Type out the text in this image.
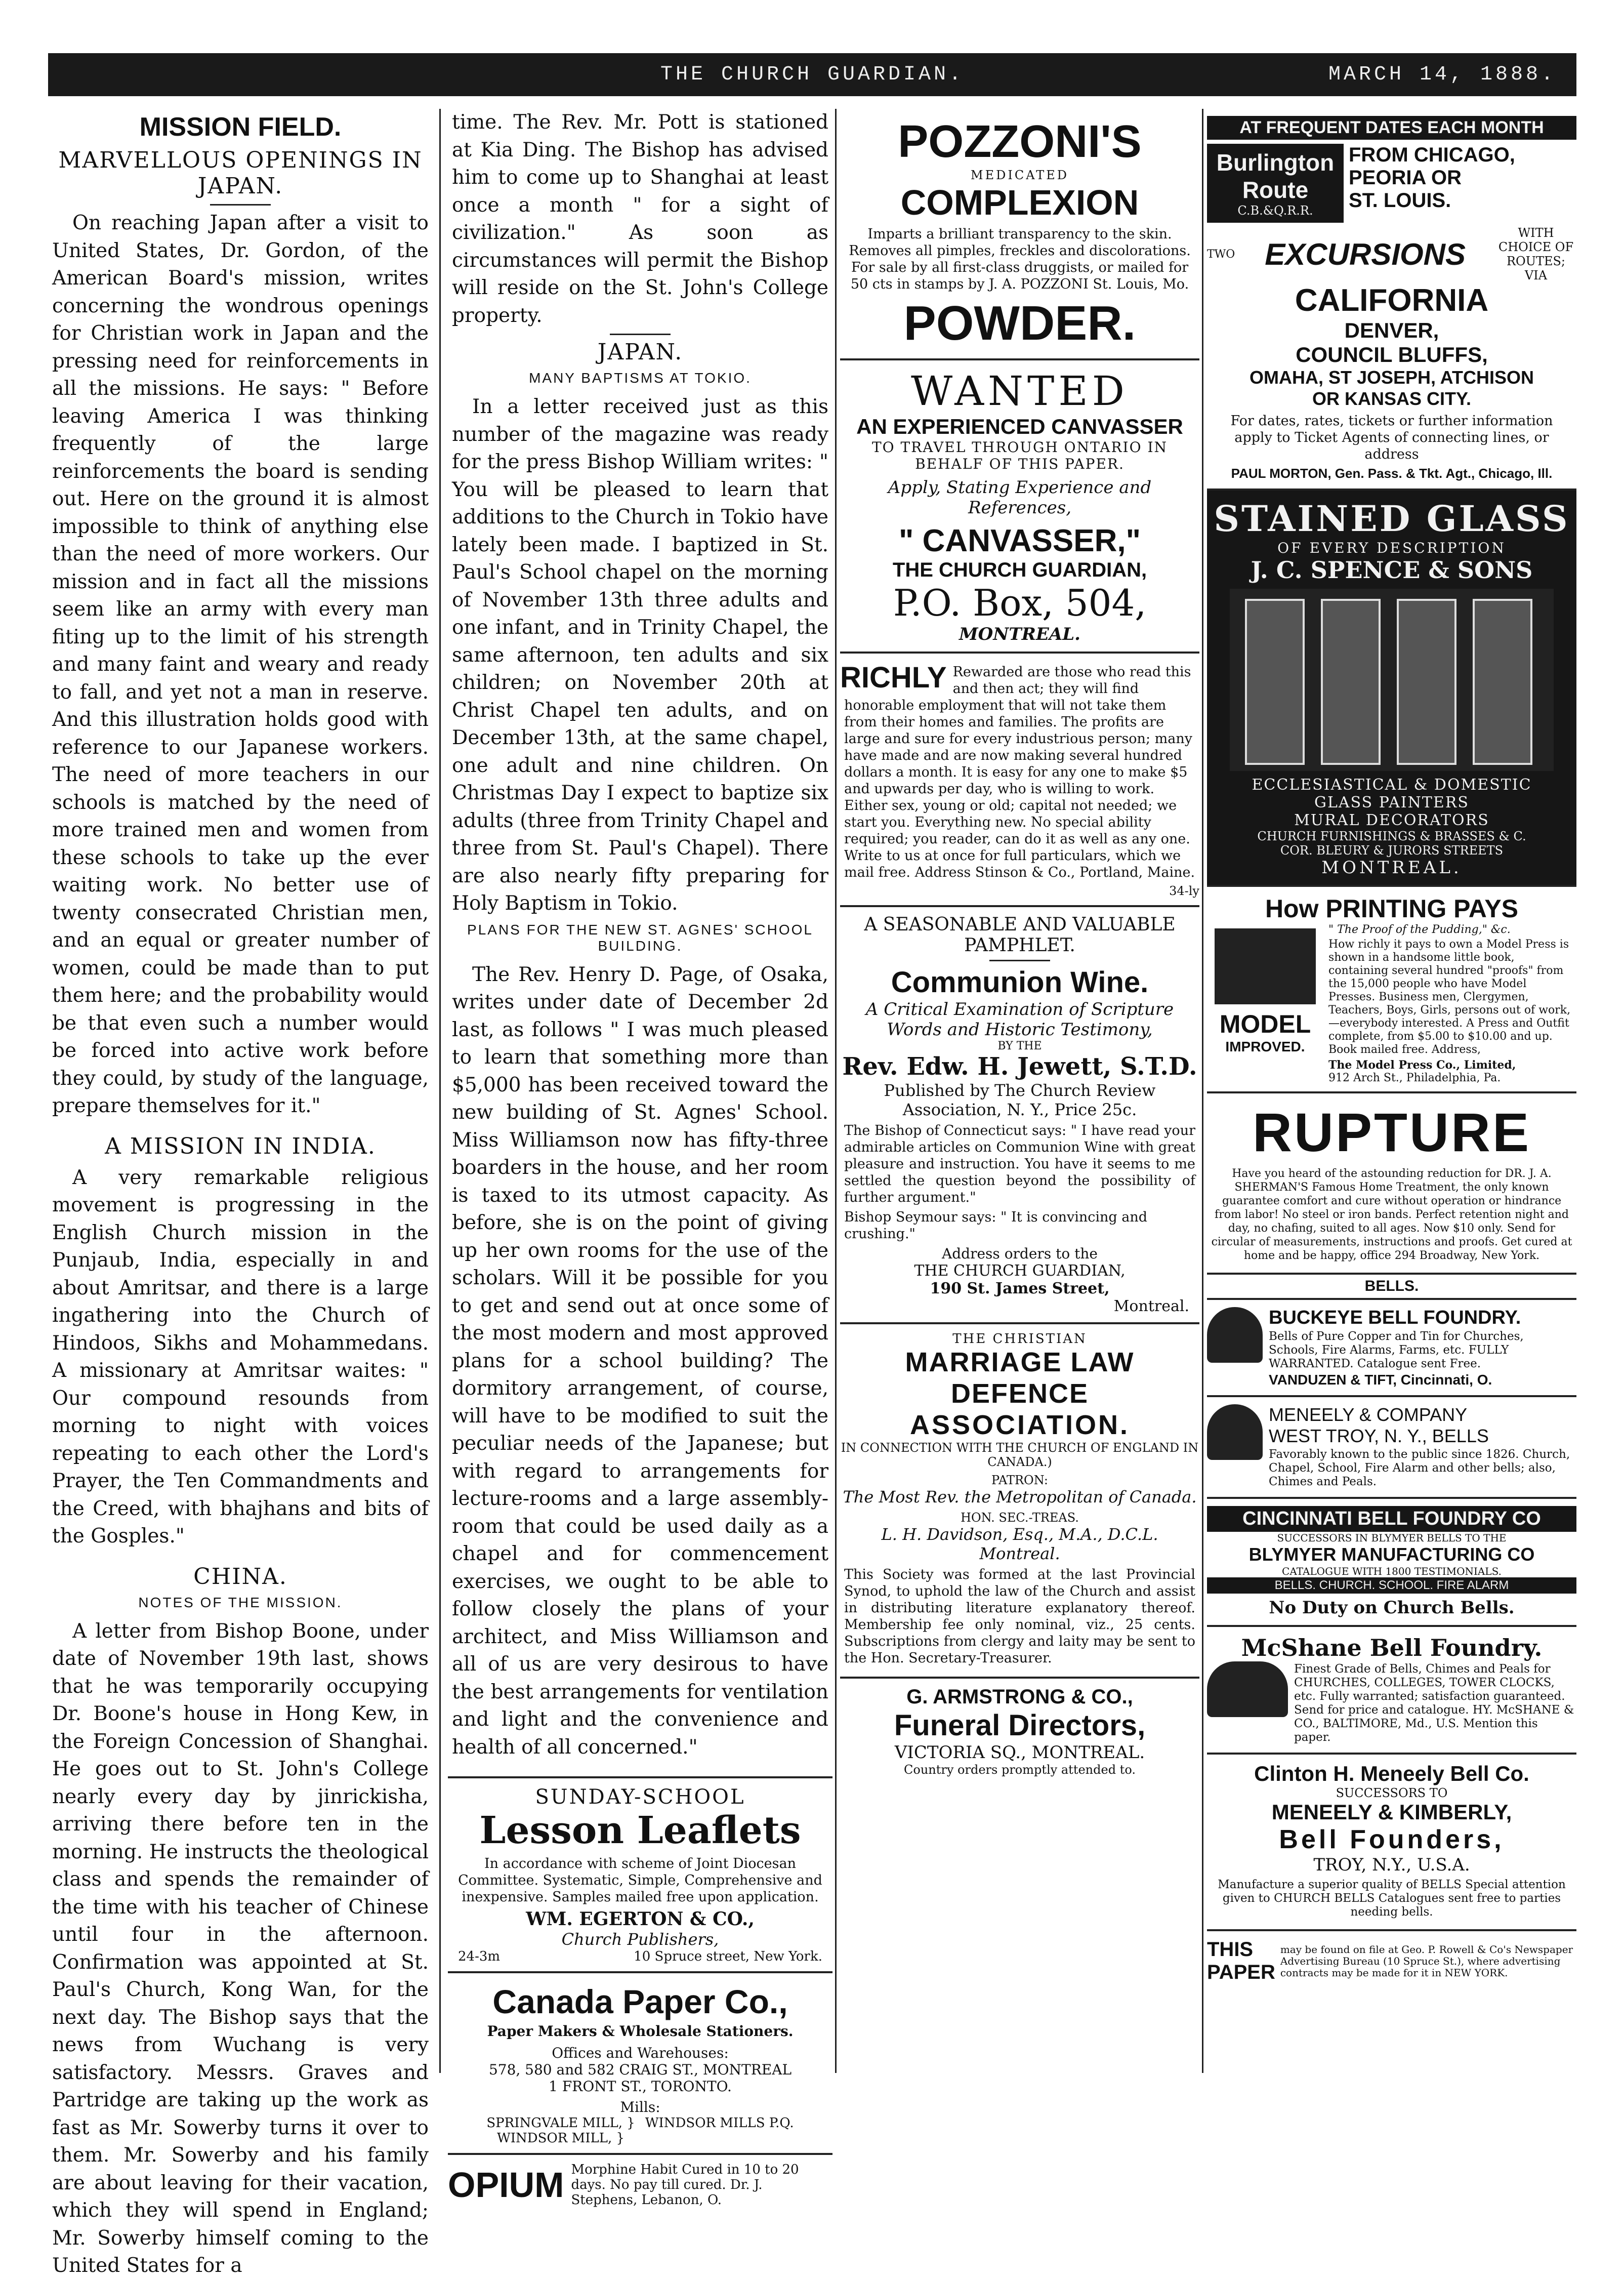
THE CHURCH GUARDIAN.	MARCH 14, 1888.
MISSION FIELD.
MARVELLOUS OPENINGS IN JAPAN.

On reaching Japan after a visit to United States, Dr. Gordon, of the American Board's mission, writes concerning the wondrous openings for Christian work in Japan and the pressing need for reinforcements in all the missions. He says: " Before leaving America I was thinking frequently of the large reinforcements the board is sending out. Here on the ground it is almost impossible to think of anything else than the need of more workers. Our mission and in fact all the missions seem like an army with every man fiting up to the limit of his strength and many faint and weary and ready to fall, and yet not a man in reserve. And this illustration holds good with reference to our Japanese workers. The need of more teachers in our schools is matched by the need of more trained men and women from these schools to take up the ever waiting work. No better use of twenty consecrated Christian men, and an equal or greater number of women, could be made than to put them here; and the probability would be that even such a number would be forced into active work before they could, by study of the language, prepare themselves for it."

A MISSION IN INDIA.

A very remarkable religious movement is progressing in the English Church mission in the Punjaub, India, especially in and about Amritsar, and there is a large ingathering into the Church of Hindoos, Sikhs and Mohammedans. A missionary at Amritsar waites: " Our compound resounds from morning to night with voices repeating to each other the Lord's Prayer, the Ten Commandments and the Creed, with bhajhans and bits of the Gosples."

CHINA.
NOTES OF THE MISSION.

A letter from Bishop Boone, under date of November 19th last, shows that he was temporarily occupying Dr. Boone's house in Hong Kew, in the Foreign Concession of Shanghai. He goes out to St. John's College nearly every day by jinrickisha, arriving there before ten in the morning. He instructs the theological class and spends the remainder of the time with his teacher of Chinese until four in the afternoon. Confirmation was appointed at St. Paul's Church, Kong Wan, for the next day. The Bishop says that the news from Wuchang is very satisfactory. Messrs. Graves and Partridge are taking up the work as fast as Mr. Sowerby turns it over to them. Mr. Sowerby and his family are about leaving for their vacation, which they will spend in England; Mr. Sowerby himself coming to the United States for a

time. The Rev. Mr. Pott is stationed at Kia Ding. The Bishop has advised him to come up to Shanghai at least once a month " for a sight of civilization." As soon as circumstances will permit the Bishop will reside on the St. John's College property.

JAPAN.
MANY BAPTISMS AT TOKIO.

In a letter received just as this number of the magazine was ready for the press Bishop William writes: " You will be pleased to learn that additions to the Church in Tokio have lately been made. I baptized in St. Paul's School chapel on the morning of November 13th three adults and one infant, and in Trinity Chapel, the same afternoon, ten adults and six children; on November 20th at Christ Chapel ten adults, and on December 13th, at the same chapel, one adult and nine children. On Christmas Day I expect to baptize six adults (three from Trinity Chapel and three from St. Paul's Chapel). There are also nearly fifty preparing for Holy Baptism in Tokio.

PLANS FOR THE NEW ST. AGNES' SCHOOL BUILDING.

The Rev. Henry D. Page, of Osaka, writes under date of December 2d last, as follows " I was much pleased to learn that something more than $5,000 has been received toward the new building of St. Agnes' School. Miss Williamson now has fifty-three boarders in the house, and her room is taxed to its utmost capacity. As before, she is on the point of giving up her own rooms for the use of the scholars. Will it be possible for you to get and send out at once some of the most modern and most approved plans for a school building? The dormitory arrangement, of course, will have to be modified to suit the peculiar needs of the Japanese; but with regard to arrangements for lecture-rooms and a large assembly-room that could be used daily as a chapel and for commencement exercises, we ought to be able to follow closely the plans of your architect, and Miss Williamson and all of us are very desirous to have the best arrangements for ventilation and light and the convenience and health of all concerned."

SUNDAY-SCHOOL
Lesson Leaflets

In accordance with scheme of Joint Diocesan Committee. Systematic, Simple, Comprehensive and inexpensive. Samples mailed free upon application.

WM. EGERTON & CO.,
Church Publishers,
24-3m	10 Spruce street, New York.
Canada Paper Co.,
Paper Makers & Wholesale Stationers.
Offices and Warehouses:
578, 580 and 582 CRAIG ST., MONTREAL
1 FRONT ST., TORONTO.
Mills:
SPRINGVALE MILL, }
WINDSOR MILL, }
WINDSOR MILLS P.Q.
OPIUM Morphine Habit Cured in 10 to 20 days. No pay till cured. Dr. J. Stephens, Lebanon, O.
POZZONI'S
MEDICATED
COMPLEXION

Imparts a brilliant transparency to the skin. Removes all pimples, freckles and discolorations. For sale by all first-class druggists, or mailed for 50 cts in stamps by J. A. POZZONI St. Louis, Mo.

POWDER.
WANTED
AN EXPERIENCED CANVASSER
TO TRAVEL THROUGH ONTARIO IN BEHALF OF THIS PAPER.
Apply, Stating Experience and References,
" CANVASSER,"
THE CHURCH GUARDIAN,
P.O. Box, 504,
MONTREAL.
RICHLY Rewarded are those who read this and then act; they will find honorable employment that will not take them from their homes and families. The profits are large and sure for every industrious person; many have made and are now making several hundred dollars a month. It is easy for any one to make $5 and upwards per day, who is willing to work. Either sex, young or old; capital not needed; we start you. Everything new. No special ability required; you reader, can do it as well as any one. Write to us at once for full particulars, which we mail free. Address Stinson & Co., Portland, Maine.

34-ly
A SEASONABLE AND VALUABLE PAMPHLET.
Communion Wine.
A Critical Examination of Scripture Words and Historic Testimony,
BY THE
Rev. Edw. H. Jewett, S.T.D.
Published by The Church Review Association, N. Y., Price 25c.

The Bishop of Connecticut says: " I have read your admirable articles on Communion Wine with great pleasure and instruction. You have it seems to me settled the question beyond the possibility of further argument."

Bishop Seymour says: " It is convincing and crushing."

Address orders to the
THE CHURCH GUARDIAN,
190 St. James Street,
Montreal.
THE CHRISTIAN
MARRIAGE LAW DEFENCE
ASSOCIATION.
IN CONNECTION WITH THE CHURCH OF ENGLAND IN CANADA.)
PATRON:
The Most Rev. the Metropolitan of Canada.
HON. SEC.-TREAS.
L. H. Davidson, Esq., M.A., D.C.L. Montreal.

This Society was formed at the last Provincial Synod, to uphold the law of the Church and assist in distributing literature explanatory thereof. Membership fee only nominal, viz., 25 cents. Subscriptions from clergy and laity may be sent to the Hon. Secretary-Treasurer.

G. ARMSTRONG & CO.,
Funeral Directors,
VICTORIA SQ., MONTREAL.
Country orders promptly attended to.
AT FREQUENT DATES EACH MONTH
Burlington
Route
C.B.&Q.R.R.
FROM CHICAGO,
PEORIA OR
ST. LOUIS.
TWO EXCURSIONS
WITH CHOICE OF ROUTES; VIA
CALIFORNIA
DENVER,
COUNCIL BLUFFS,
OMAHA, ST JOSEPH, ATCHISON
OR KANSAS CITY.

For dates, rates, tickets or further information apply to Ticket Agents of connecting lines, or address

PAUL MORTON, Gen. Pass. & Tkt. Agt., Chicago, Ill.
STAINED GLASS
OF EVERY DESCRIPTION
J. C. SPENCE & SONS
ECCLESIASTICAL & DOMESTIC
GLASS PAINTERS
MURAL DECORATORS
CHURCH FURNISHINGS & BRASSES & C.
COR. BLEURY & JURORS STREETS
MONTREAL.
How PRINTING PAYS
MODEL
IMPROVED.
" The Proof of the Pudding," &c.

How richly it pays to own a Model Press is shown in a handsome little book, containing several hundred "proofs" from the 15,000 people who have Model Presses. Business men, Clergymen, Teachers, Boys, Girls, persons out of work,—everybody interested. A Press and Outfit complete, from $5.00 to $10.00 and up. Book mailed free. Address,

The Model Press Co., Limited,
912 Arch St., Philadelphia, Pa.
RUPTURE

Have you heard of the astounding reduction for DR. J. A. SHERMAN'S Famous Home Treatment, the only known guarantee comfort and cure without operation or hindrance from labor! No steel or iron bands. Perfect retention night and day, no chafing, suited to all ages. Now $10 only. Send for circular of measurements, instructions and proofs. Get cured at home and be happy, office 294 Broadway, New York.

BELLS.
BUCKEYE BELL FOUNDRY.

Bells of Pure Copper and Tin for Churches, Schools, Fire Alarms, Farms, etc. FULLY WARRANTED. Catalogue sent Free.

VANDUZEN & TIFT, Cincinnati, O.
MENEELY & COMPANY
WEST TROY, N. Y., BELLS

Favorably known to the public since 1826. Church, Chapel, School, Fire Alarm and other bells; also, Chimes and Peals.

CINCINNATI BELL FOUNDRY CO
SUCCESSORS IN BLYMYER BELLS TO THE
BLYMYER MANUFACTURING CO
CATALOGUE WITH 1800 TESTIMONIALS.
BELLS. CHURCH. SCHOOL. FIRE ALARM
No Duty on Church Bells.
McShane Bell Foundry.

Finest Grade of Bells, Chimes and Peals for CHURCHES, COLLEGES, TOWER CLOCKS, etc. Fully warranted; satisfaction guaranteed. Send for price and catalogue. HY. McSHANE & CO., BALTIMORE, Md., U.S. Mention this paper.

Clinton H. Meneely Bell Co.
SUCCESSORS TO
MENEELY & KIMBERLY,
Bell Founders,
TROY, N.Y., U.S.A.

Manufacture a superior quality of BELLS Special attention given to CHURCH BELLS Catalogues sent free to parties needing bells.

THIS PAPER
may be found on file at Geo. P. Rowell & Co's Newspaper Advertising Bureau (10 Spruce St.), where advertising contracts may be made for it in NEW YORK.
